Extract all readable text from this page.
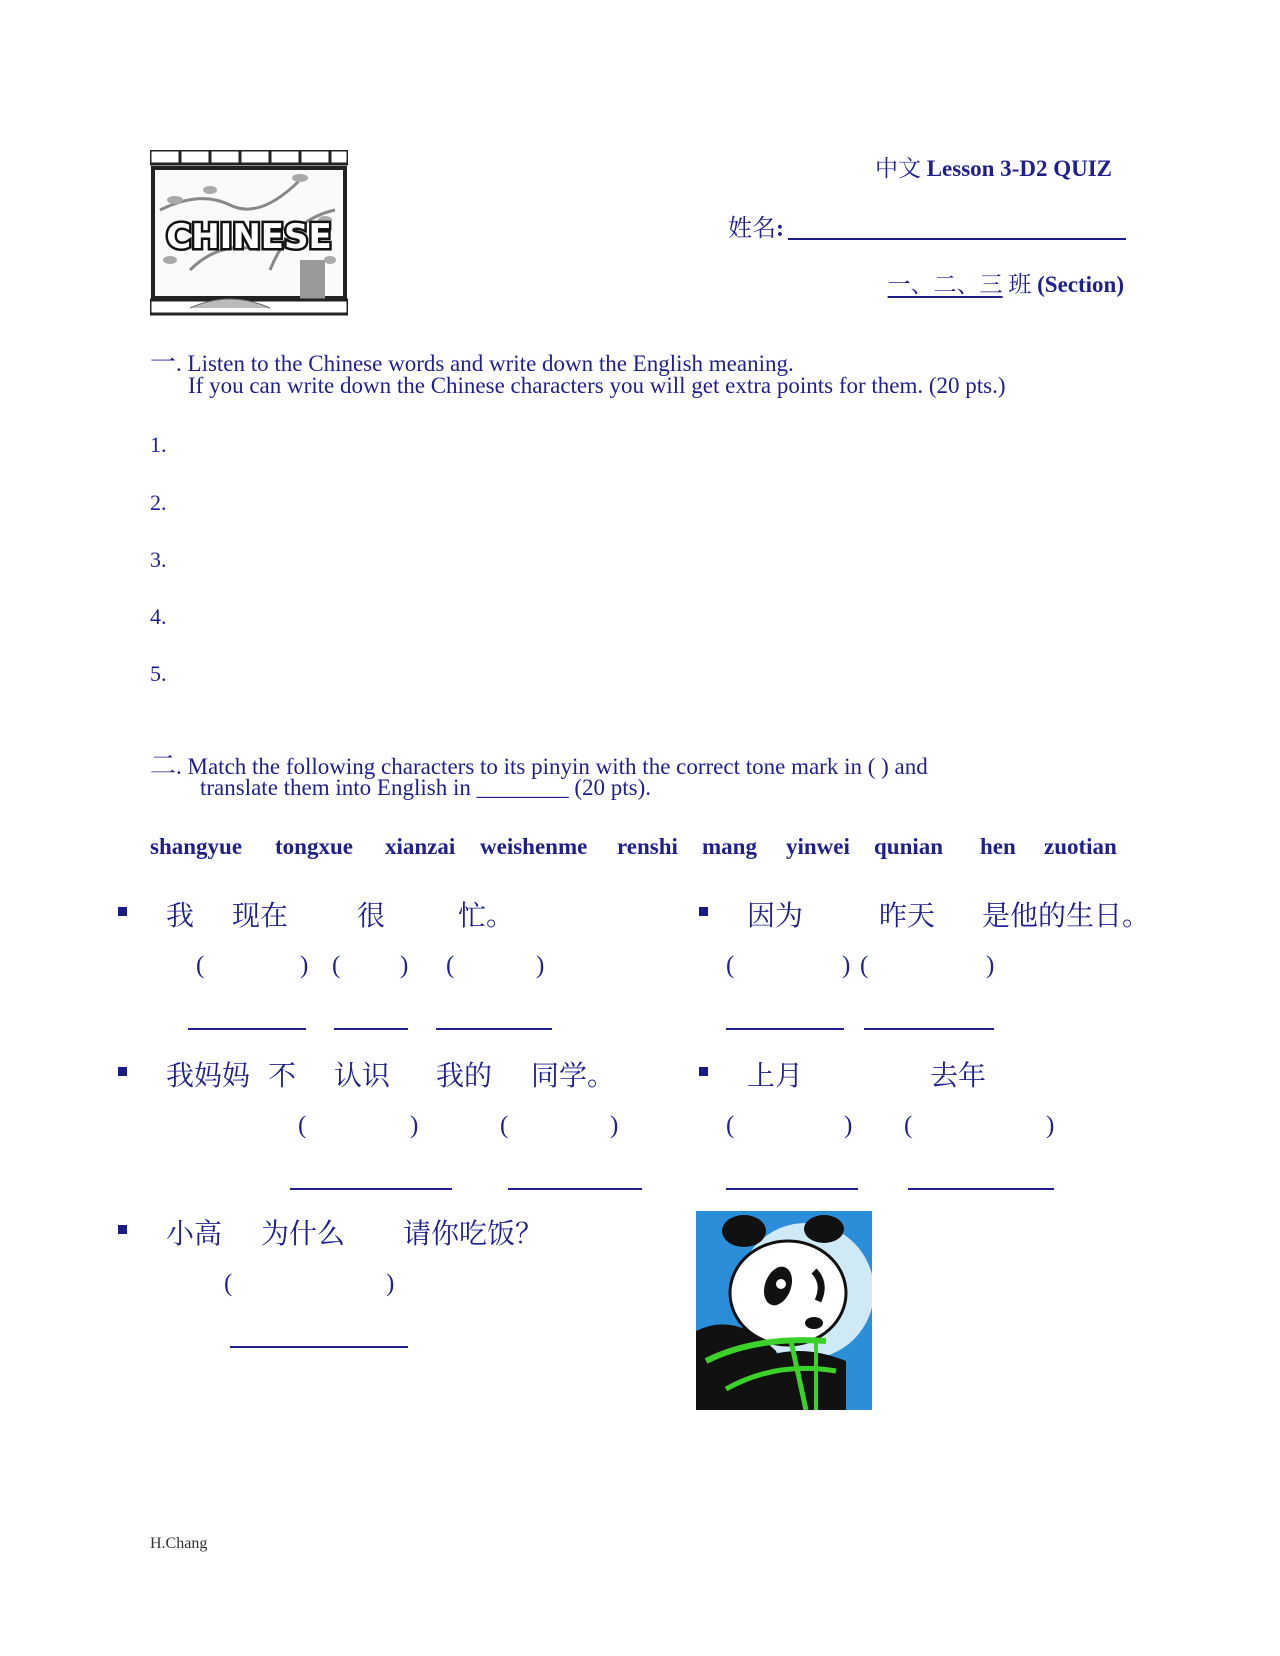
CHINESE
中文 Lesson 3-D2 QUIZ
姓名:
一、二、三 班 (Section)
一. Listen to the Chinese words and write down the English meaning.
If you can write down the Chinese characters you will get extra points for them. (20 pts.)
1.
2.
3.
4.
5.
二. Match the following characters to its pinyin with the correct tone mark in ( ) and
translate them into English in ________ (20 pts).
shangyue tongxue xianzai weishenme renshi mang yinwei qunian hen zuotian
我 现在 很	忙。
(	) ( ) (	)
因为	昨天 是他的生日。
(	) (	)
我妈妈 不 认识 我的 同学。
(	)	(	)
上月	去年
(	) (	)
小高 为什么 请你吃饭？
(	)
H.Chang
